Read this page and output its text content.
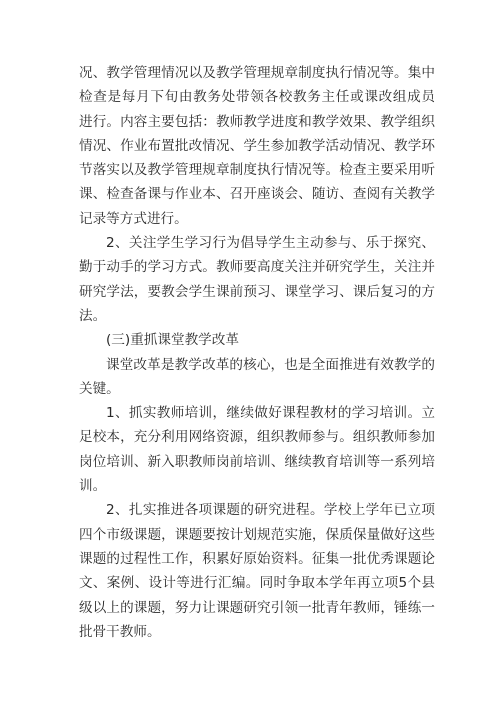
况、教学管理情况以及教学管理规章制度执行情况等。集中
检查是每月下旬由教务处带领各校教务主任或课改组成员
进行。内容主要包括：教师教学进度和教学效果、教学组织
情况、作业布置批改情况、学生参加教学活动情况、教学环
节落实以及教学管理规章制度执行情况等。检查主要采用听
课、检查备课与作业本、召开座谈会、随访、查阅有关教学
记录等方式进行。
2、关注学生学习行为倡导学生主动参与、乐于探究、
勤于动手的学习方式。教师要高度关注并研究学生，关注并
研究学法，要教会学生课前预习、课堂学习、课后复习的方
法。
(三)重抓课堂教学改革
课堂改革是教学改革的核心，也是全面推进有效教学的
关键。
1、抓实教师培训，继续做好课程教材的学习培训。立
足校本，充分利用网络资源，组织教师参与。组织教师参加
岗位培训、新入职教师岗前培训、继续教育培训等一系列培
训。
2、扎实推进各项课题的研究进程。学校上学年已立项
四个市级课题，课题要按计划规范实施，保质保量做好这些
课题的过程性工作，积累好原始资料。征集一批优秀课题论
文、案例、设计等进行汇编。同时争取本学年再立项5个县
级以上的课题，努力让课题研究引领一批青年教师，锤练一
批骨干教师。
